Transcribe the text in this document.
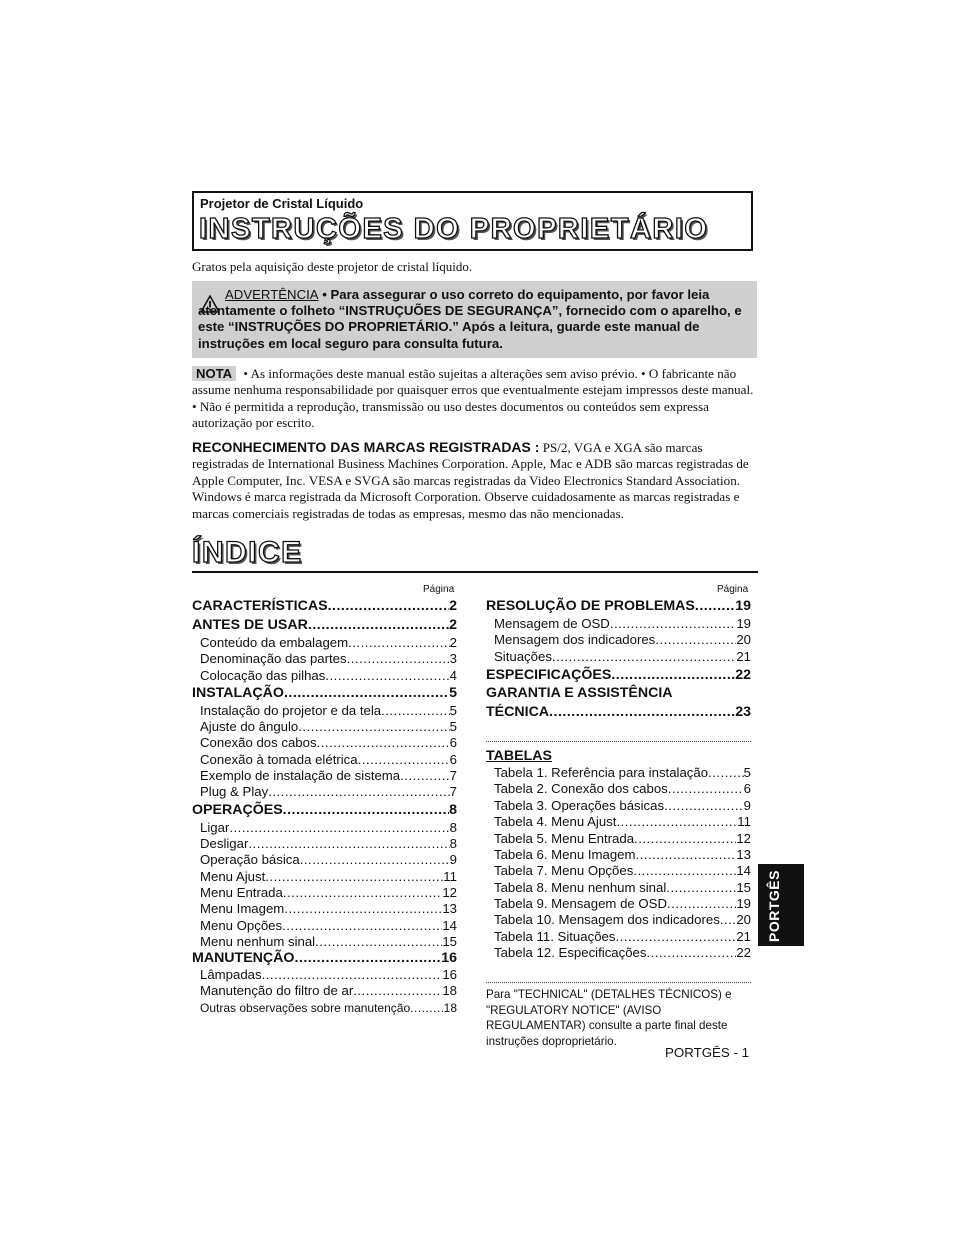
Projetor de Cristal Líquido
INSTRUÇÕES DO PROPRIETÁRIO
Gratos pela aquisição deste projetor de cristal líquido.
ADVERTÊNCIA • Para assegurar o uso correto do equipamento, por favor leia atentamente o folheto “INSTRUÇUÕES DE SEGURANÇA”, fornecido com o aparelho, e este “INSTRUÇÕES DO PROPRIETÁRIO.” Após a leitura, guarde este manual de instruções em local seguro para consulta futura.
NOTA • As informações deste manual estão sujeitas a alterações sem aviso prévio. • O fabricante não assume nenhuma responsabilidade por quaisquer erros que eventualmente estejam impressos deste manual. • Não é permitida a reprodução, transmissão ou uso destes documentos ou conteúdos sem expressa autorização por escrito.
RECONHECIMENTO DAS MARCAS REGISTRADAS : PS/2, VGA e XGA são marcas registradas de International Business Machines Corporation. Apple, Mac e ADB são marcas registradas de Apple Computer, Inc. VESA e SVGA são marcas registradas da Video Electronics Standard Association. Windows é marca registrada da Microsoft Corporation. Observe cuidadosamente as marcas registradas e marcas comerciais registradas de todas as empresas, mesmo das não mencionadas.
ÍNDICE
Página	Página
CARACTERÍSTICAS .....	2
ANTES DE USAR .....	2
Conteúdo da embalagem .....	2
Denominação das partes .....	3
Colocação das pilhas .....	4
INSTALAÇÃO .....	5
Instalação do projetor e da tela .....	5
Ajuste do ângulo .....	5
Conexão dos cabos .....	6
Conexão à tomada elétrica .....	6
Exemplo de instalação de sistema .....	7
Plug & Play .....	7
OPERAÇÕES .....	8
Ligar .....	8
Desligar .....	8
Operação básica .....	9
Menu Ajust .....	11
Menu Entrada .....	12
Menu Imagem .....	13
Menu Opções .....	14
Menu nenhum sinal .....	15
MANUTENÇÃO .....	16
Lâmpadas .....	16
Manutenção do filtro de ar .....	18
Outras observações sobre manutenção .....	18
RESOLUÇÃO DE PROBLEMAS .....	19
Mensagem de OSD .....	19
Mensagem dos indicadores .....	20
Situações .....	21
ESPECIFICAÇÕES .....	22
GARANTIA E ASSISTÊNCIA
TÉCNICA .....	23
TABELAS
Tabela 1. Referência para instalação .....	5
Tabela 2. Conexão dos cabos .....	6
Tabela 3. Operações básicas .....	9
Tabela 4. Menu Ajust .....	11
Tabela 5. Menu Entrada .....	12
Tabela 6. Menu Imagem .....	13
Tabela 7. Menu Opções .....	14
Tabela 8. Menu nenhum sinal .....	15
Tabela 9. Mensagem de OSD .....	19
Tabela 10. Mensagem dos indicadores ..... 20
Tabela 11. Situações .....	21
Tabela 12. Especificações .....	22
Para "TECHNICAL" (DETALHES TÉCNICOS) e "REGULATORY NOTICE" (AVISO REGULAMENTAR) consulte a parte final deste instruções doproprietário.
PORTGÊS - 1
PORTGÊS
